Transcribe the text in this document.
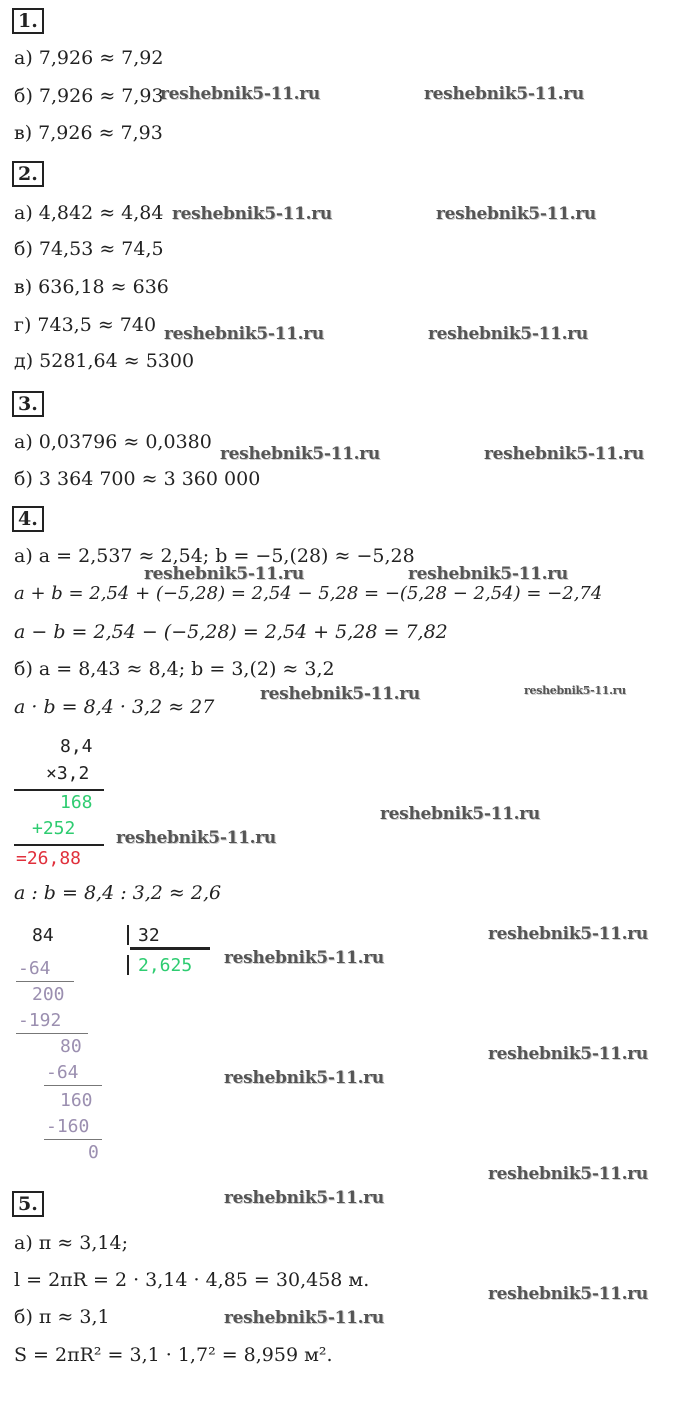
1.
а) 7,926 ≈ 7,92
б) 7,926 ≈ 7,93
в) 7,926 ≈ 7,93
2.
а) 4,842 ≈ 4,84
б) 74,53 ≈ 74,5
в) 636,18 ≈ 636
г) 743,5 ≈ 740
д) 5281,64 ≈ 5300
3.
а) 0,03796 ≈ 0,0380
б) 3 364 700 ≈ 3 360 000
4.
а) a = 2,537 ≈ 2,54; b = −5,(28) ≈ −5,28
a + b = 2,54 + (−5,28) = 2,54 − 5,28 = −(5,28 − 2,54) = −2,74
a − b = 2,54 − (−5,28) = 2,54 + 5,28 = 7,82
б) a = 8,43 ≈ 8,4; b = 3,(2) ≈ 3,2
a · b = 8,4 · 3,2 ≈ 27
8,4
×3,2
168
+252
=26,88
a : b = 8,4 : 3,2 ≈ 2,6
84	32
2,625
-64
200
-192
80
-64
160
-160
0
5.
а) π ≈ 3,14;
l = 2πR = 2 · 3,14 · 4,85 = 30,458 м.
б) π ≈ 3,1
S = 2πR² = 3,1 · 1,7² = 8,959 м².
reshebnik5-11.ru	reshebnik5-11.ru
reshebnik5-11.ru	reshebnik5-11.ru
reshebnik5-11.ru	reshebnik5-11.ru
reshebnik5-11.ru	reshebnik5-11.ru
reshebnik5-11.ru	reshebnik5-11.ru
reshebnik5-11.ru	reshebnik5-11.ru
reshebnik5-11.ru
reshebnik5-11.ru
reshebnik5-11.ru
reshebnik5-11.ru
reshebnik5-11.ru
reshebnik5-11.ru
reshebnik5-11.ru
reshebnik5-11.ru
reshebnik5-11.ru
reshebnik5-11.ru
